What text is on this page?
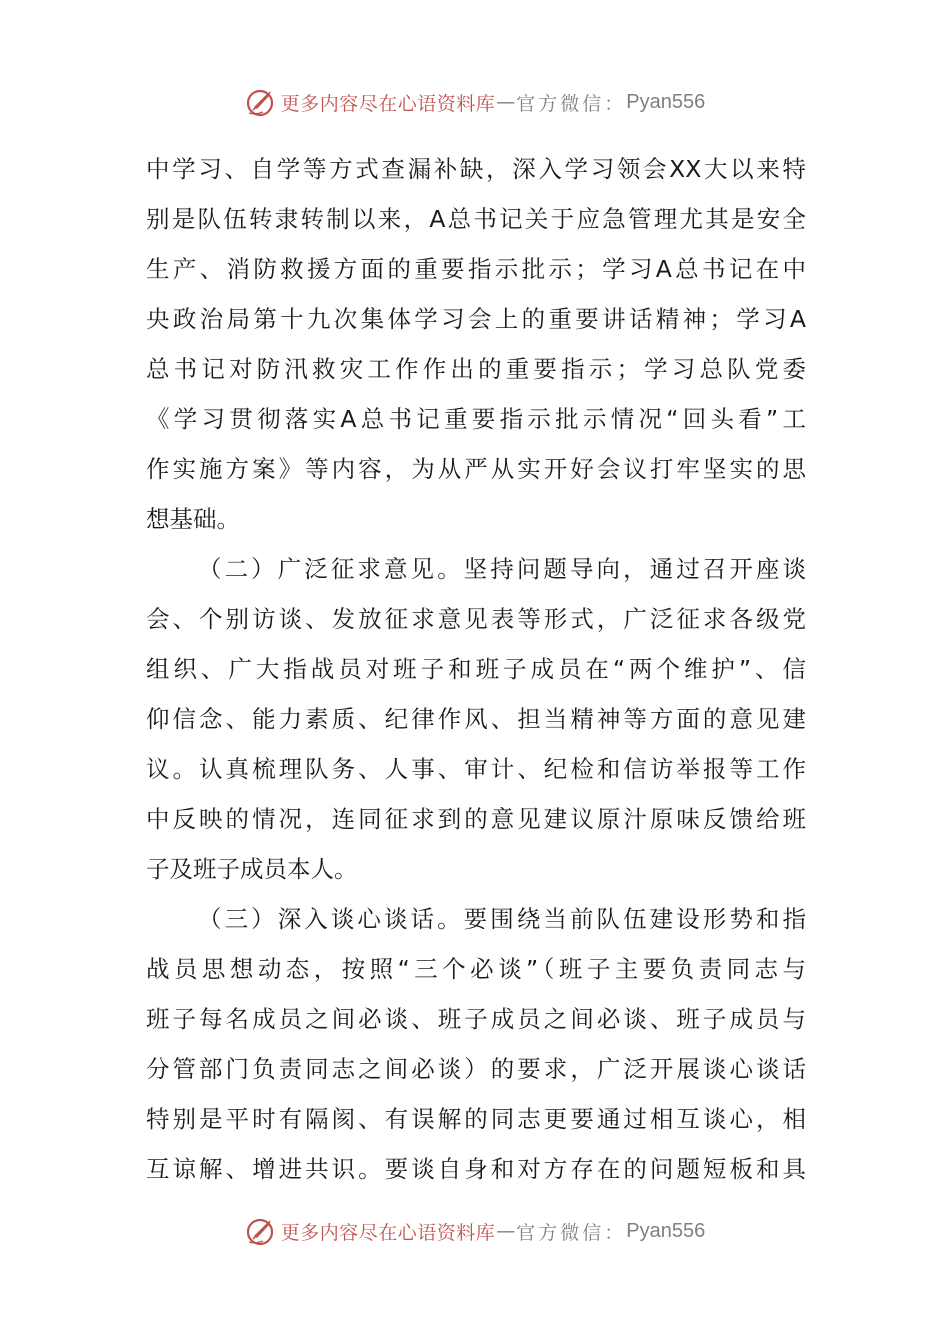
更多内容尽在心语资料库 — 官方微信： Pyan556
中学习、自学等方式查漏补缺，深入学习领会XX大以来特
别是队伍转隶转制以来，A总书记关于应急管理尤其是安全
生产、消防救援方面的重要指示批示；学习A总书记在中
央政治局第十九次集体学习会上的重要讲话精神；学习A
总书记对防汛救灾工作作出的重要指示；学习总队党委
《学习贯彻落实A总书记重要指示批示情况“回头看”工
作实施方案》等内容，为从严从实开好会议打牢坚实的思
想基础。
（二）广泛征求意见。坚持问题导向，通过召开座谈
会、个别访谈、发放征求意见表等形式，广泛征求各级党
组织、广大指战员对班子和班子成员在“两个维护”、信
仰信念、能力素质、纪律作风、担当精神等方面的意见建
议。认真梳理队务、人事、审计、纪检和信访举报等工作
中反映的情况，连同征求到的意见建议原汁原味反馈给班
子及班子成员本人。
（三）深入谈心谈话。要围绕当前队伍建设形势和指
战员思想动态，按照“三个必谈”（班子主要负责同志与
班子每名成员之间必谈、班子成员之间必谈、班子成员与
分管部门负责同志之间必谈）的要求，广泛开展谈心谈话
特别是平时有隔阂、有误解的同志更要通过相互谈心，相
互谅解、增进共识。要谈自身和对方存在的问题短板和具
更多内容尽在心语资料库 — 官方微信： Pyan556
